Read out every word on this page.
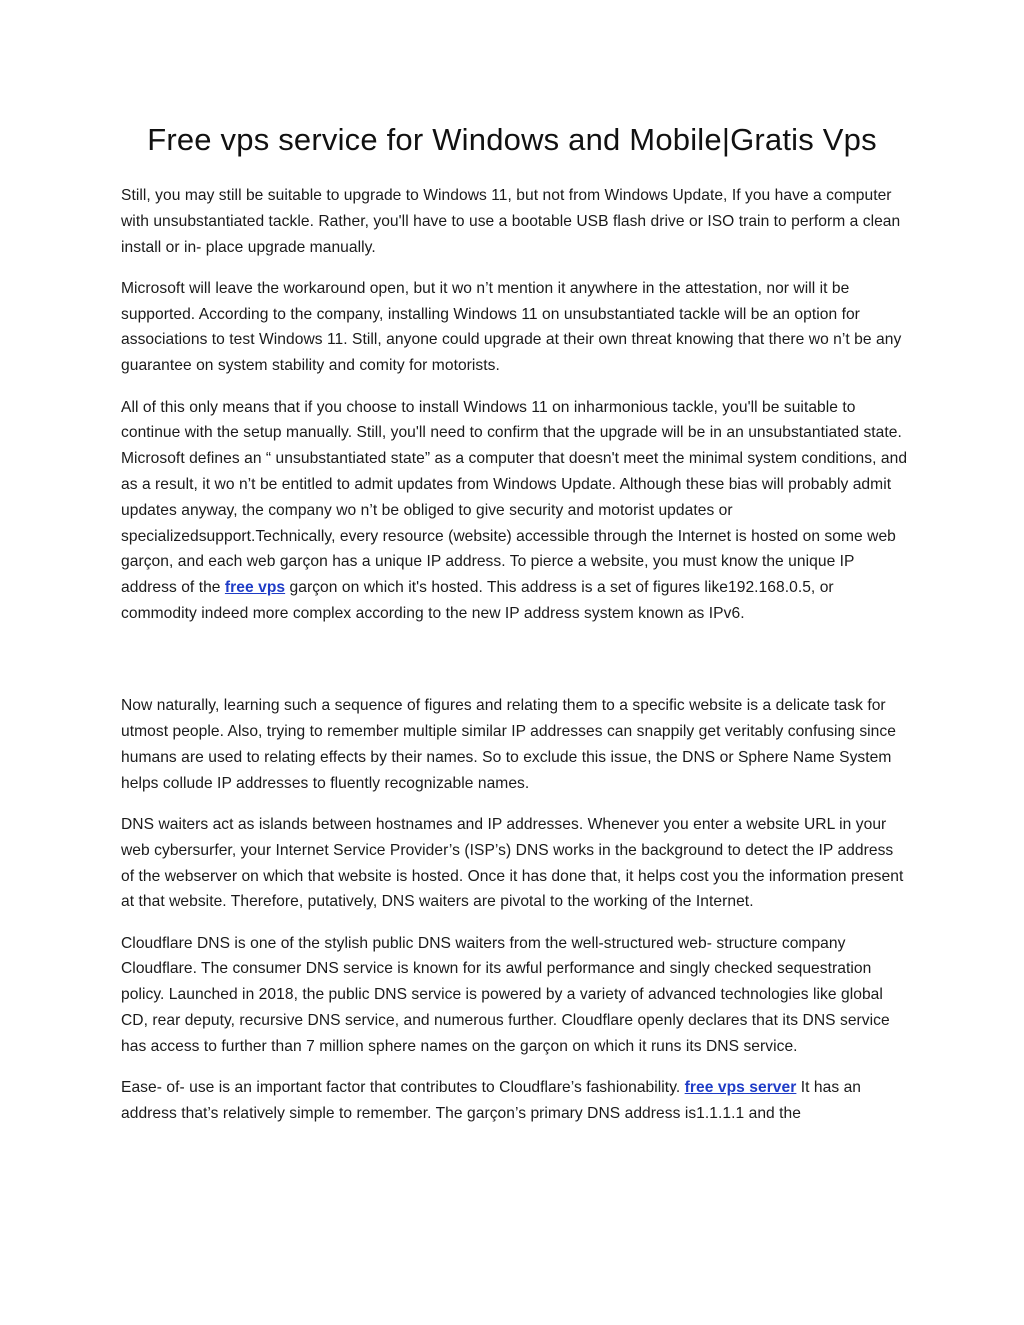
Free vps service for Windows and Mobile|Gratis Vps

Still, you may still be suitable to upgrade to Windows 11, but not from Windows Update, If you have a computer with unsubstantiated tackle. Rather, you'll have to use a bootable USB flash drive or ISO train to perform a clean install or in- place upgrade manually.

Microsoft will leave the workaround open, but it wo n’t mention it anywhere in the attestation, nor will it be supported. According to the company, installing Windows 11 on unsubstantiated tackle will be an option for associations to test Windows 11. Still, anyone could upgrade at their own threat knowing that there wo n’t be any guarantee on system stability and comity for motorists.

All of this only means that if you choose to install Windows 11 on inharmonious tackle, you'll be suitable to continue with the setup manually. Still, you'll need to confirm that the upgrade will be in an unsubstantiated state. Microsoft defines an “ unsubstantiated state” as a computer that doesn't meet the minimal system conditions, and as a result, it wo n’t be entitled to admit updates from Windows Update. Although these bias will probably admit updates anyway, the company wo n’t be obliged to give security and motorist updates or specializedsupport.Technically, every resource (website) accessible through the Internet is hosted on some web garçon, and each web garçon has a unique IP address. To pierce a website, you must know the unique IP address of the free vps garçon on which it's hosted. This address is a set of figures like192.168.0.5, or commodity indeed more complex according to the new IP address system known as IPv6.

Now naturally, learning such a sequence of figures and relating them to a specific website is a delicate task for utmost people. Also, trying to remember multiple similar IP addresses can snappily get veritably confusing since humans are used to relating effects by their names. So to exclude this issue, the DNS or Sphere Name System helps collude IP addresses to fluently recognizable names.

DNS waiters act as islands between hostnames and IP addresses. Whenever you enter a website URL in your web cybersurfer, your Internet Service Provider’s (ISP’s) DNS works in the background to detect the IP address of the webserver on which that website is hosted. Once it has done that, it helps cost you the information present at that website. Therefore, putatively, DNS waiters are pivotal to the working of the Internet.

Cloudflare DNS is one of the stylish public DNS waiters from the well-structured web- structure company Cloudflare. The consumer DNS service is known for its awful performance and singly checked sequestration policy. Launched in 2018, the public DNS service is powered by a variety of advanced technologies like global CD, rear deputy, recursive DNS service, and numerous further. Cloudflare openly declares that its DNS service has access to further than 7 million sphere names on the garçon on which it runs its DNS service.

Ease- of- use is an important factor that contributes to Cloudflare’s fashionability. free vps server It has an address that’s relatively simple to remember. The garçon’s primary DNS address is1.1.1.1 and the
